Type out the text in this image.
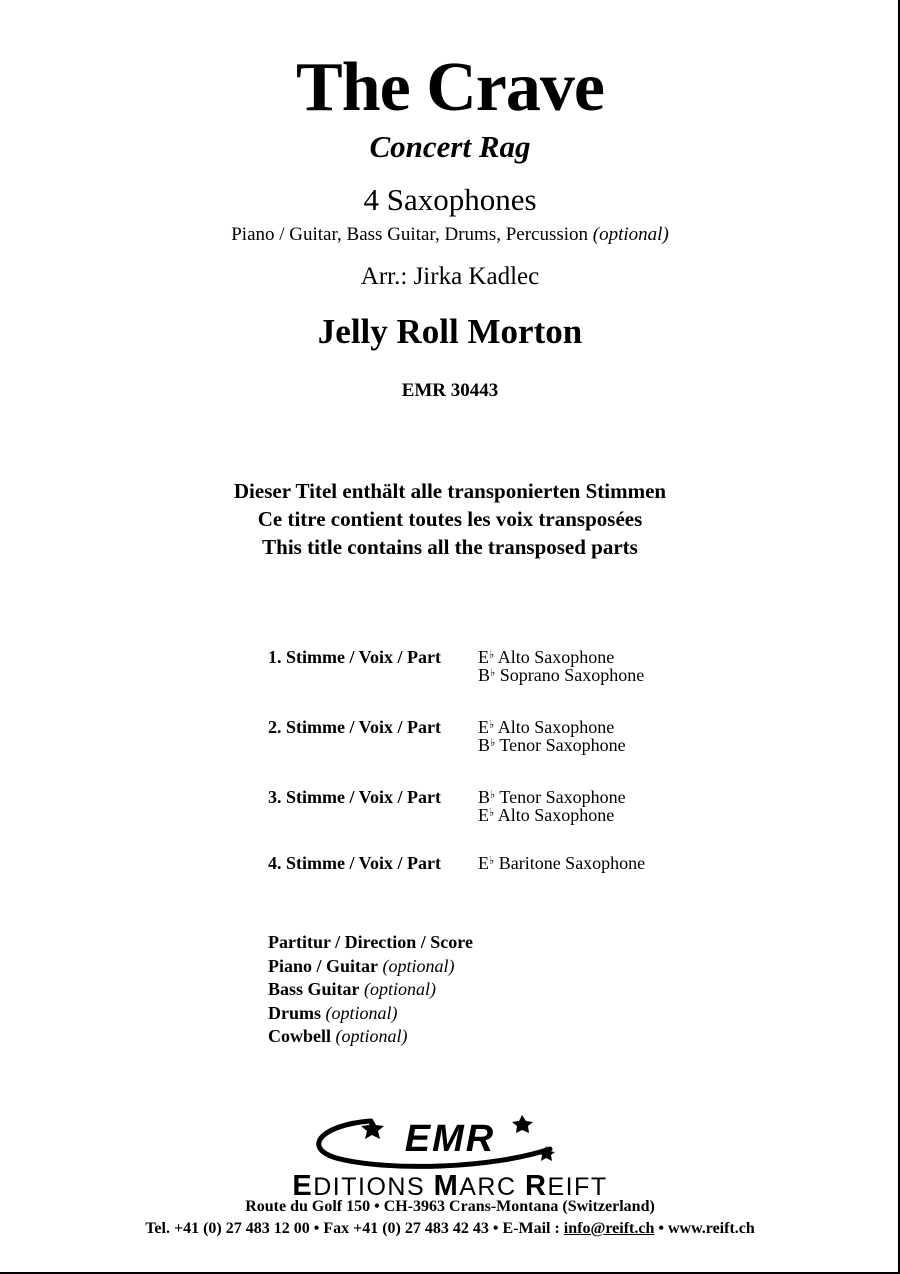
The Crave
Concert Rag
4 Saxophones
Piano / Guitar, Bass Guitar, Drums, Percussion (optional)
Arr.: Jirka Kadlec
Jelly Roll Morton
EMR 30443
Dieser Titel enthält alle transponierten Stimmen
Ce titre contient toutes les voix transposées
This title contains all the transposed parts
1. Stimme / Voix / Part E♭ Alto Saxophone
B♭ Soprano Saxophone
2. Stimme / Voix / Part E♭ Alto Saxophone
B♭ Tenor Saxophone
3. Stimme / Voix / Part B♭ Tenor Saxophone
E♭ Alto Saxophone
4. Stimme / Voix / Part E♭ Baritone Saxophone
Partitur / Direction / Score
Piano / Guitar (optional)
Bass Guitar (optional)
Drums (optional)
Cowbell (optional)
EMR
EDITIONS MARC REIFT
Route du Golf 150 • CH-3963 Crans-Montana (Switzerland)
Tel. +41 (0) 27 483 12 00 • Fax +41 (0) 27 483 42 43 • E-Mail : info@reift.ch • www.reift.ch
